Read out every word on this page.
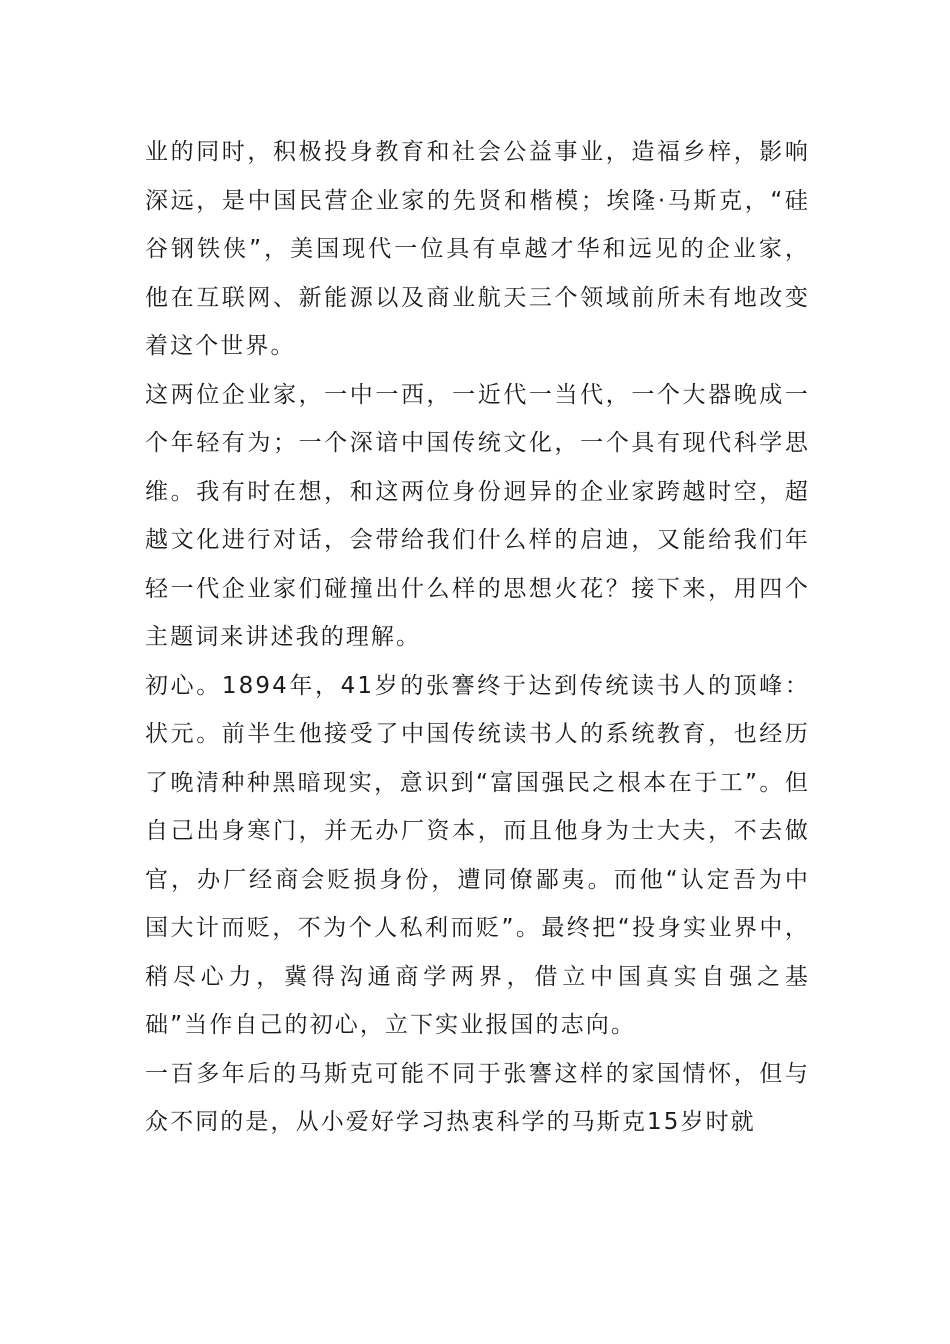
业的同时，积极投身教育和社会公益事业，造福乡梓，影响深远，是中国民营企业家的先贤和楷模；埃隆·马斯克，“硅谷钢铁侠”，美国现代一位具有卓越才华和远见的企业家，他在互联网、新能源以及商业航天三个领域前所未有地改变着这个世界。

这两位企业家，一中一西，一近代一当代，一个大器晚成一个年轻有为；一个深谙中国传统文化，一个具有现代科学思维。我有时在想，和这两位身份迥异的企业家跨越时空，超越文化进行对话，会带给我们什么样的启迪，又能给我们年轻一代企业家们碰撞出什么样的思想火花？接下来，用四个主题词来讲述我的理解。

初心。1894年，41岁的张謇终于达到传统读书人的顶峰：状元。前半生他接受了中国传统读书人的系统教育，也经历了晚清种种黑暗现实，意识到“富国强民之根本在于工”。但自己出身寒门，并无办厂资本，而且他身为士大夫，不去做官，办厂经商会贬损身份，遭同僚鄙夷。而他“认定吾为中国大计而贬，不为个人私利而贬”。最终把“投身实业界中，稍尽心力，冀得沟通商学两界，借立中国真实自强之基础”当作自己的初心，立下实业报国的志向。

一百多年后的马斯克可能不同于张謇这样的家国情怀，但与众不同的是，从小爱好学习热衷科学的马斯克15岁时就
